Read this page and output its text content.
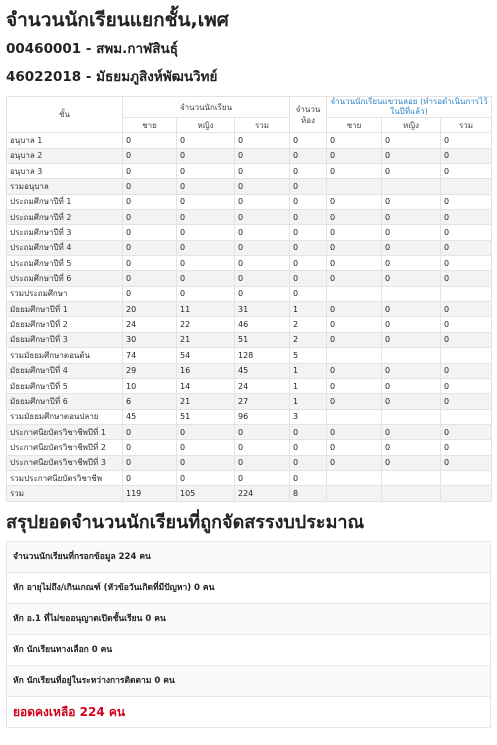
จำนวนนักเรียนแยกชั้น,เพศ
00460001 - สพม.กาฬสินธุ์
46022018 - มัธยมภูสิงห์พัฒนวิทย์
ชั้น	จำนวนนักเรียน			จำนวน ห้อง	จำนวนนักเรียนแขวนลอย (ทำรอดำเนินการไว้ในปีที่แล้ว)		
	ชาย	หญิง	รวม		ชาย	หญิง	รวม
อนุบาล 1	0	0	0	0	0	0	0
อนุบาล 2	0	0	0	0	0	0	0
อนุบาล 3	0	0	0	0	0	0	0
รวมอนุบาล	0	0	0	0			
ประถมศึกษาปีที่ 1	0	0	0	0	0	0	0
ประถมศึกษาปีที่ 2	0	0	0	0	0	0	0
ประถมศึกษาปีที่ 3	0	0	0	0	0	0	0
ประถมศึกษาปีที่ 4	0	0	0	0	0	0	0
ประถมศึกษาปีที่ 5	0	0	0	0	0	0	0
ประถมศึกษาปีที่ 6	0	0	0	0	0	0	0
รวมประถมศึกษา	0	0	0	0			
มัธยมศึกษาปีที่ 1	20	11	31	1	0	0	0
มัธยมศึกษาปีที่ 2	24	22	46	2	0	0	0
มัธยมศึกษาปีที่ 3	30	21	51	2	0	0	0
รวมมัธยมศึกษาตอนต้น	74	54	128	5			
มัธยมศึกษาปีที่ 4	29	16	45	1	0	0	0
มัธยมศึกษาปีที่ 5	10	14	24	1	0	0	0
มัธยมศึกษาปีที่ 6	6	21	27	1	0	0	0
รวมมัธยมศึกษาตอนปลาย	45	51	96	3			
ประกาศนียบัตรวิชาชีพปีที่ 1	0	0	0	0	0	0	0
ประกาศนียบัตรวิชาชีพปีที่ 2	0	0	0	0	0	0	0
ประกาศนียบัตรวิชาชีพปีที่ 3	0	0	0	0	0	0	0
รวมประกาศนียบัตรวิชาชีพ	0	0	0	0			
รวม	119	105	224	8			
สรุปยอดจำนวนนักเรียนที่ถูกจัดสรรงบประมาณ
จำนวนนักเรียนที่กรอกข้อมูล 224 คน
หัก อายุไม่ถึง/เกินเกณฑ์ (หัวข้อวันเกิดที่มีปัญหา) 0 คน
หัก อ.1 ที่ไม่ขออนุญาตเปิดชั้นเรียน 0 คน
หัก นักเรียนทางเลือก 0 คน
หัก นักเรียนที่อยู่ในระหว่างการติดตาม 0 คน
ยอดคงเหลือ 224 คน
